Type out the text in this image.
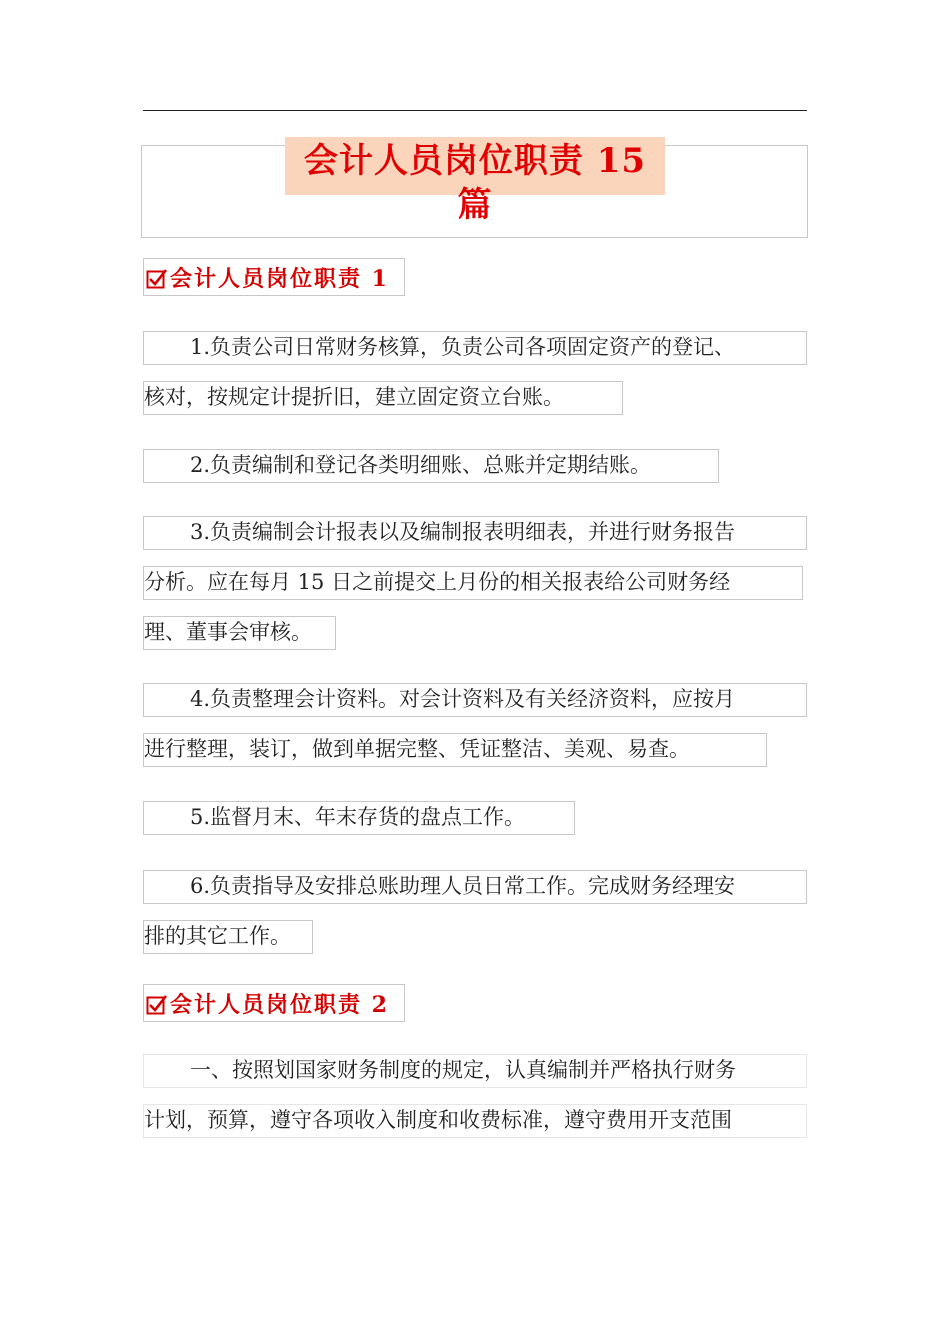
会计人员岗位职责 15 篇
会计人员岗位职责 1
1.负责公司日常财务核算，负责公司各项固定资产的登记、
核对，按规定计提折旧，建立固定资立台账。
2.负责编制和登记各类明细账、总账并定期结账。
3.负责编制会计报表以及编制报表明细表，并进行财务报告
分析。应在每月 15 日之前提交上月份的相关报表给公司财务经
理、董事会审核。
4.负责整理会计资料。对会计资料及有关经济资料，应按月
进行整理，装订，做到单据完整、凭证整洁、美观、易查。
5.监督月末、年末存货的盘点工作。
6.负责指导及安排总账助理人员日常工作。完成财务经理安
排的其它工作。
会计人员岗位职责 2
一、按照划国家财务制度的规定，认真编制并严格执行财务
计划，预算，遵守各项收入制度和收费标准，遵守费用开支范围
